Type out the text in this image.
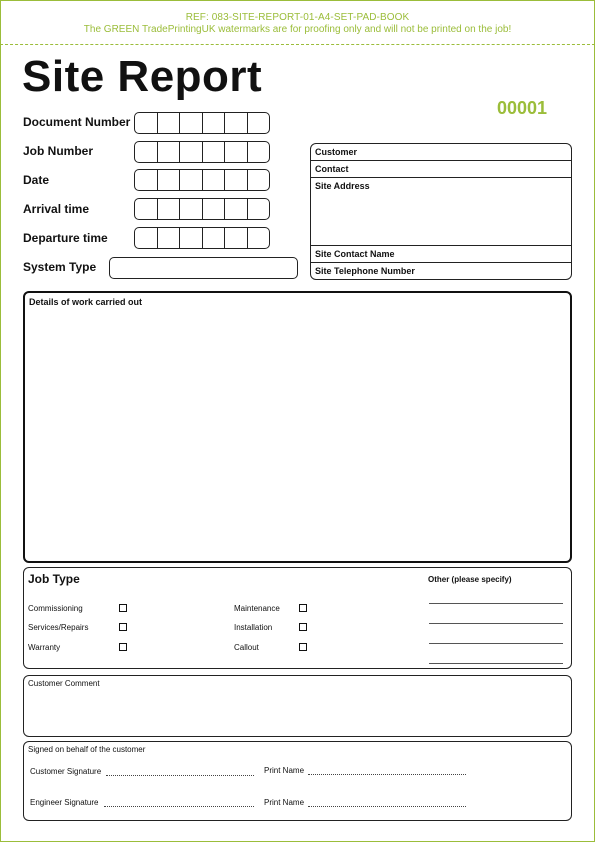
REF: 083-SITE-REPORT-01-A4-SET-PAD-BOOK
The GREEN TradePrintingUK watermarks are for proofing only and will not be printed on the job!
Site Report
00001
Document Number
Job Number
Date
Arrival time
Departure time
System Type
Customer
Contact
Site Address
Site Contact Name
Site Telephone Number
Details of work carried out
Job Type	Other (please specify)
Commissioning
Services/Repairs
Warranty
Maintenance
Installation
Callout
Customer Comment
Signed on behalf of the customer
Customer Signature	Print Name
Engineer Signature	Print Name
